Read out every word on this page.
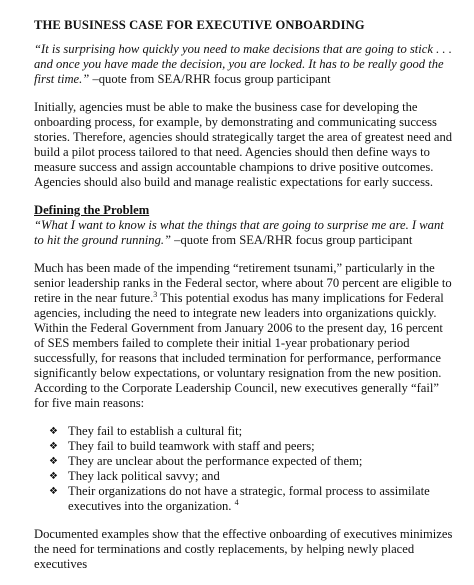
THE BUSINESS CASE FOR EXECUTIVE ONBOARDING
“It is surprising how quickly you need to make decisions that are going to stick . . . and once you have made the decision, you are locked. It has to be really good the first time.” –quote from SEA/RHR focus group participant

Initially, agencies must be able to make the business case for developing the onboarding process, for example, by demonstrating and communicating success stories. Therefore, agencies should strategically target the area of greatest need and build a pilot process tailored to that need. Agencies should then define ways to measure success and assign accountable champions to drive positive outcomes. Agencies should also build and manage realistic expectations for early success.

Defining the Problem
“What I want to know is what the things that are going to surprise me are. I want to hit the ground running.” –quote from SEA/RHR focus group participant

Much has been made of the impending “retirement tsunami,” particularly in the senior leadership ranks in the Federal sector, where about 70 percent are eligible to retire in the near future.$^3$ This potential exodus has many implications for Federal agencies, including the need to integrate new leaders into organizations quickly. Within the Federal Government from January 2006 to the present day, 16 percent of SES members failed to complete their initial 1-year probationary period successfully, for reasons that included termination for performance, performance significantly below expectations, or voluntary resignation from the new position. According to the Corporate Leadership Council, new executives generally “fail” for five main reasons:

❖ They fail to establish a cultural fit;
❖ They fail to build teamwork with staff and peers;
❖ They are unclear about the performance expected of them;
❖ They lack political savvy; and
❖ Their organizations do not have a strategic, formal process to assimilate executives into the organization. $^4$

Documented examples show that the effective onboarding of executives minimizes the need for terminations and costly replacements, by helping newly placed executives
